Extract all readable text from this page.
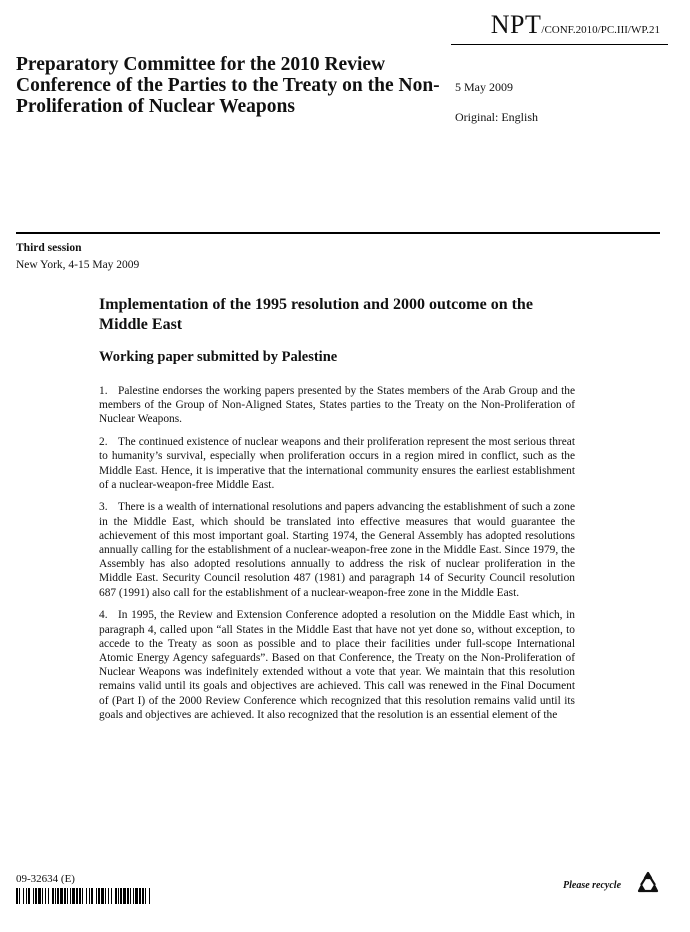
NPT/CONF.2010/PC.III/WP.21
Preparatory Committee for the 2010 Review Conference of the Parties to the Treaty on the Non-Proliferation of Nuclear Weapons
5 May 2009
Original: English
Third session
New York, 4-15 May 2009
Implementation of the 1995 resolution and 2000 outcome on the Middle East
Working paper submitted by Palestine

1. Palestine endorses the working papers presented by the States members of the Arab Group and the members of the Group of Non-Aligned States, States parties to the Treaty on the Non-Proliferation of Nuclear Weapons.

2. The continued existence of nuclear weapons and their proliferation represent the most serious threat to humanity’s survival, especially when proliferation occurs in a region mired in conflict, such as the Middle East. Hence, it is imperative that the international community ensures the earliest establishment of a nuclear-weapon-free Middle East.

3. There is a wealth of international resolutions and papers advancing the establishment of such a zone in the Middle East, which should be translated into effective measures that would guarantee the achievement of this most important goal. Starting 1974, the General Assembly has adopted resolutions annually calling for the establishment of a nuclear-weapon-free zone in the Middle East. Since 1979, the Assembly has also adopted resolutions annually to address the risk of nuclear proliferation in the Middle East. Security Council resolution 487 (1981) and paragraph 14 of Security Council resolution 687 (1991) also call for the establishment of a nuclear-weapon-free zone in the Middle East.

4. In 1995, the Review and Extension Conference adopted a resolution on the Middle East which, in paragraph 4, called upon “all States in the Middle East that have not yet done so, without exception, to accede to the Treaty as soon as possible and to place their facilities under full-scope International Atomic Energy Agency safeguards”. Based on that Conference, the Treaty on the Non-Proliferation of Nuclear Weapons was indefinitely extended without a vote that year. We maintain that this resolution remains valid until its goals and objectives are achieved. This call was renewed in the Final Document of (Part I) of the 2000 Review Conference which recognized that this resolution remains valid until its goals and objectives are achieved. It also recognized that the resolution is an essential element of the

09-32634 (E)
Please recycle
